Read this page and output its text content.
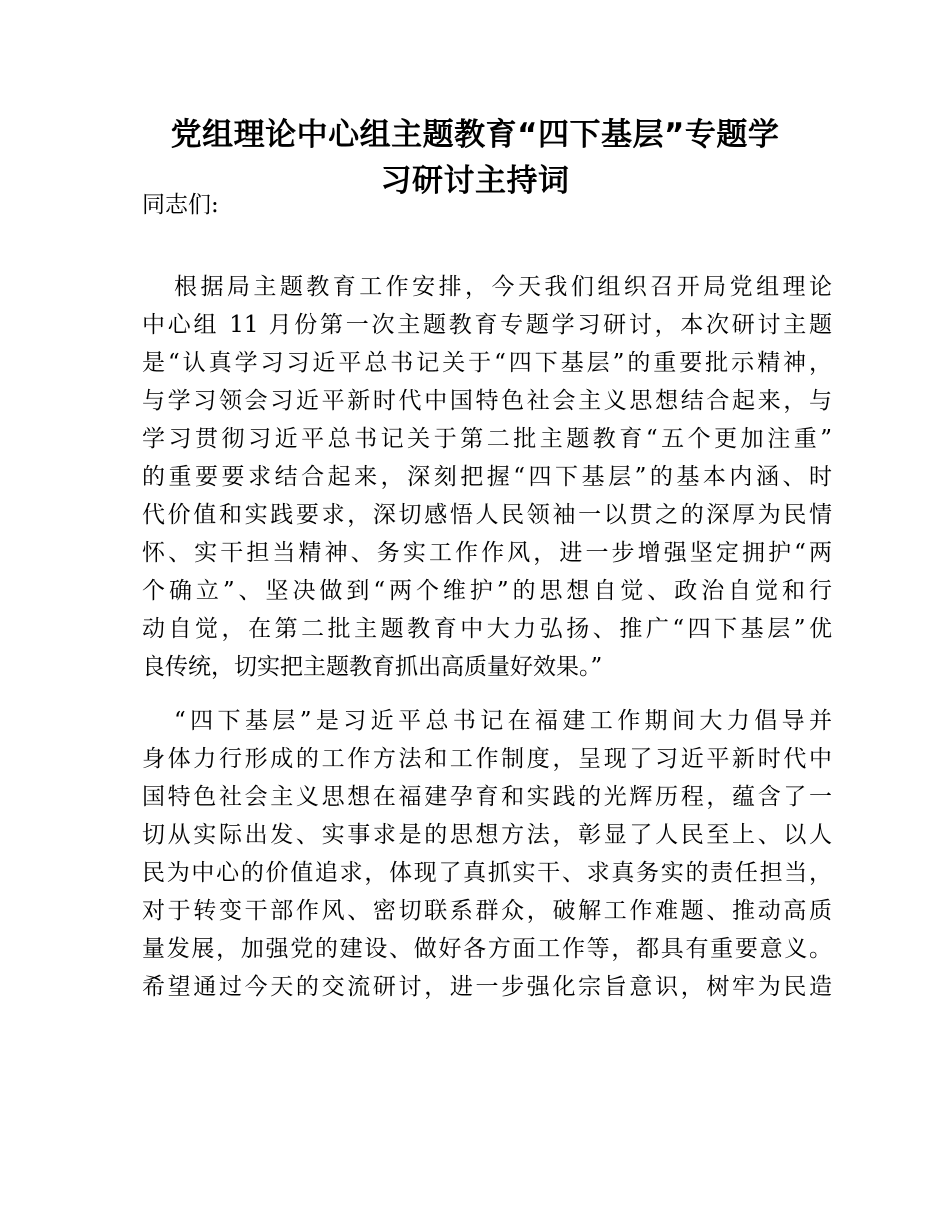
党组理论中心组主题教育“四下基层”专题学
习研讨主持词

同志们:

根据局主题教育工作安排，今天我们组织召开局党组理论
中心组 11 月份第一次主题教育专题学习研讨，本次研讨主题
是“认真学习习近平总书记关于“四下基层”的重要批示精神，
与学习领会习近平新时代中国特色社会主义思想结合起来，与
学习贯彻习近平总书记关于第二批主题教育“五个更加注重”
的重要要求结合起来，深刻把握“四下基层”的基本内涵、时
代价值和实践要求，深切感悟人民领袖一以贯之的深厚为民情
怀、实干担当精神、务实工作作风，进一步增强坚定拥护“两
个确立”、坚决做到“两个维护”的思想自觉、政治自觉和行
动自觉，在第二批主题教育中大力弘扬、推广“四下基层”优
良传统，切实把主题教育抓出高质量好效果。”

“四下基层”是习近平总书记在福建工作期间大力倡导并
身体力行形成的工作方法和工作制度，呈现了习近平新时代中
国特色社会主义思想在福建孕育和实践的光辉历程，蕴含了一
切从实际出发、实事求是的思想方法，彰显了人民至上、以人
民为中心的价值追求，体现了真抓实干、求真务实的责任担当，
对于转变干部作风、密切联系群众，破解工作难题、推动高质
量发展，加强党的建设、做好各方面工作等，都具有重要意义。
希望通过今天的交流研讨，进一步强化宗旨意识，树牢为民造
